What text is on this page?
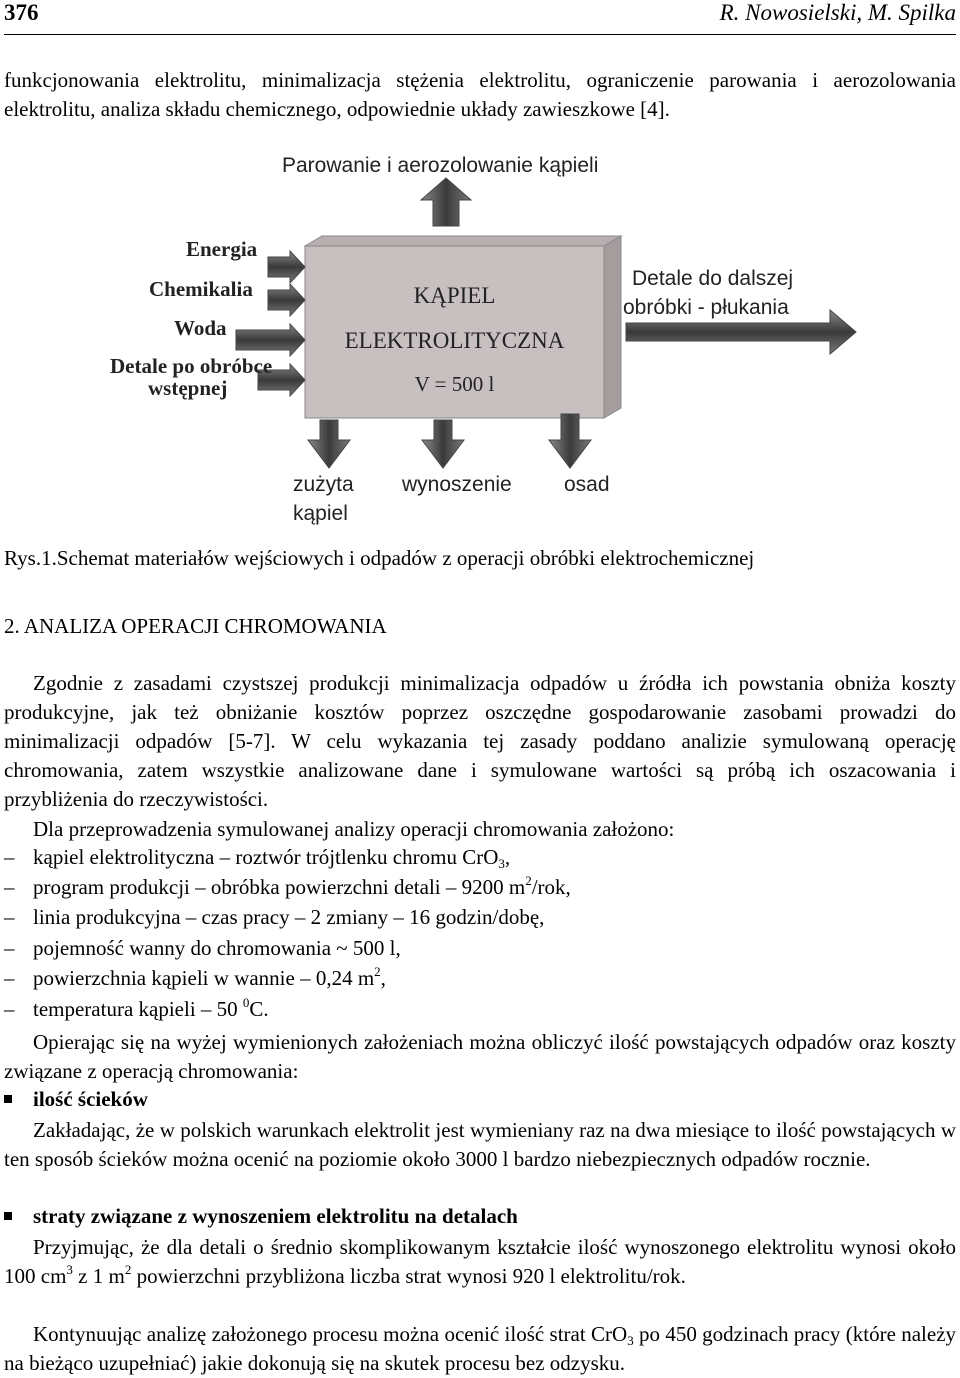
376	R. Nowosielski, M. Spilka
funkcjonowania elektrolitu, minimalizacja stężenia elektrolitu, ograniczenie parowania i aerozolowania elektrolitu, analiza składu chemicznego, odpowiednie układy zawieszkowe [4].
Parowanie i aerozolowanie kąpieli
Energia
Chemikalia
Woda
Detale po obróbce
wstępnej
KĄPIEL
ELEKTROLITYCZNA
V = 500 l
Detale do dalszej
obróbki - płukania
zużyta
kąpiel
wynoszenie osad
Rys.1.Schemat materiałów wejściowych i odpadów z operacji obróbki elektrochemicznej
2. ANALIZA OPERACJI CHROMOWANIA
Zgodnie z zasadami czystszej produkcji minimalizacja odpadów u źródła ich powstania obniża koszty produkcyjne, jak też obniżanie kosztów poprzez oszczędne gospodarowanie zasobami prowadzi do minimalizacji odpadów [5-7]. W celu wykazania tej zasady poddano analizie symulowaną operację chromowania, zatem wszystkie analizowane dane i symulowane wartości są próbą ich oszacowania i przybliżenia do rzeczywistości.
Dla przeprowadzenia symulowanej analizy operacji chromowania założono:
– kąpiel elektrolityczna – roztwór trójtlenku chromu CrO$_3$,
– program produkcji – obróbka powierzchni detali – 9200 $m^2$/rok,
– linia produkcyjna – czas pracy – 2 zmiany – 16 godzin/dobę,
– pojemność wanny do chromowania ~ 500 l,
– powierzchnia kąpieli w wannie – 0,24 $m^2$,
– temperatura kąpieli – 50 $^0$C.
Opierając się na wyżej wymienionych założeniach można obliczyć ilość powstających odpadów oraz koszty związane z operacją chromowania:
ilość ścieków
Zakładając, że w polskich warunkach elektrolit jest wymieniany raz na dwa miesiące to ilość powstających w ten sposób ścieków można ocenić na poziomie około 3000 l bardzo niebezpiecznych odpadów rocznie.
straty związane z wynoszeniem elektrolitu na detalach
Przyjmując, że dla detali o średnio skomplikowanym kształcie ilość wynoszonego elektrolitu wynosi około 100 $cm^3$ z 1 $m^2$ powierzchni przybliżona liczba strat wynosi 920 l elektrolitu/rok.
Kontynuując analizę założonego procesu można ocenić ilość strat CrO$_3$ po 450 godzinach pracy (które należy na bieżąco uzupełniać) jakie dokonują się na skutek procesu bez odzysku.
